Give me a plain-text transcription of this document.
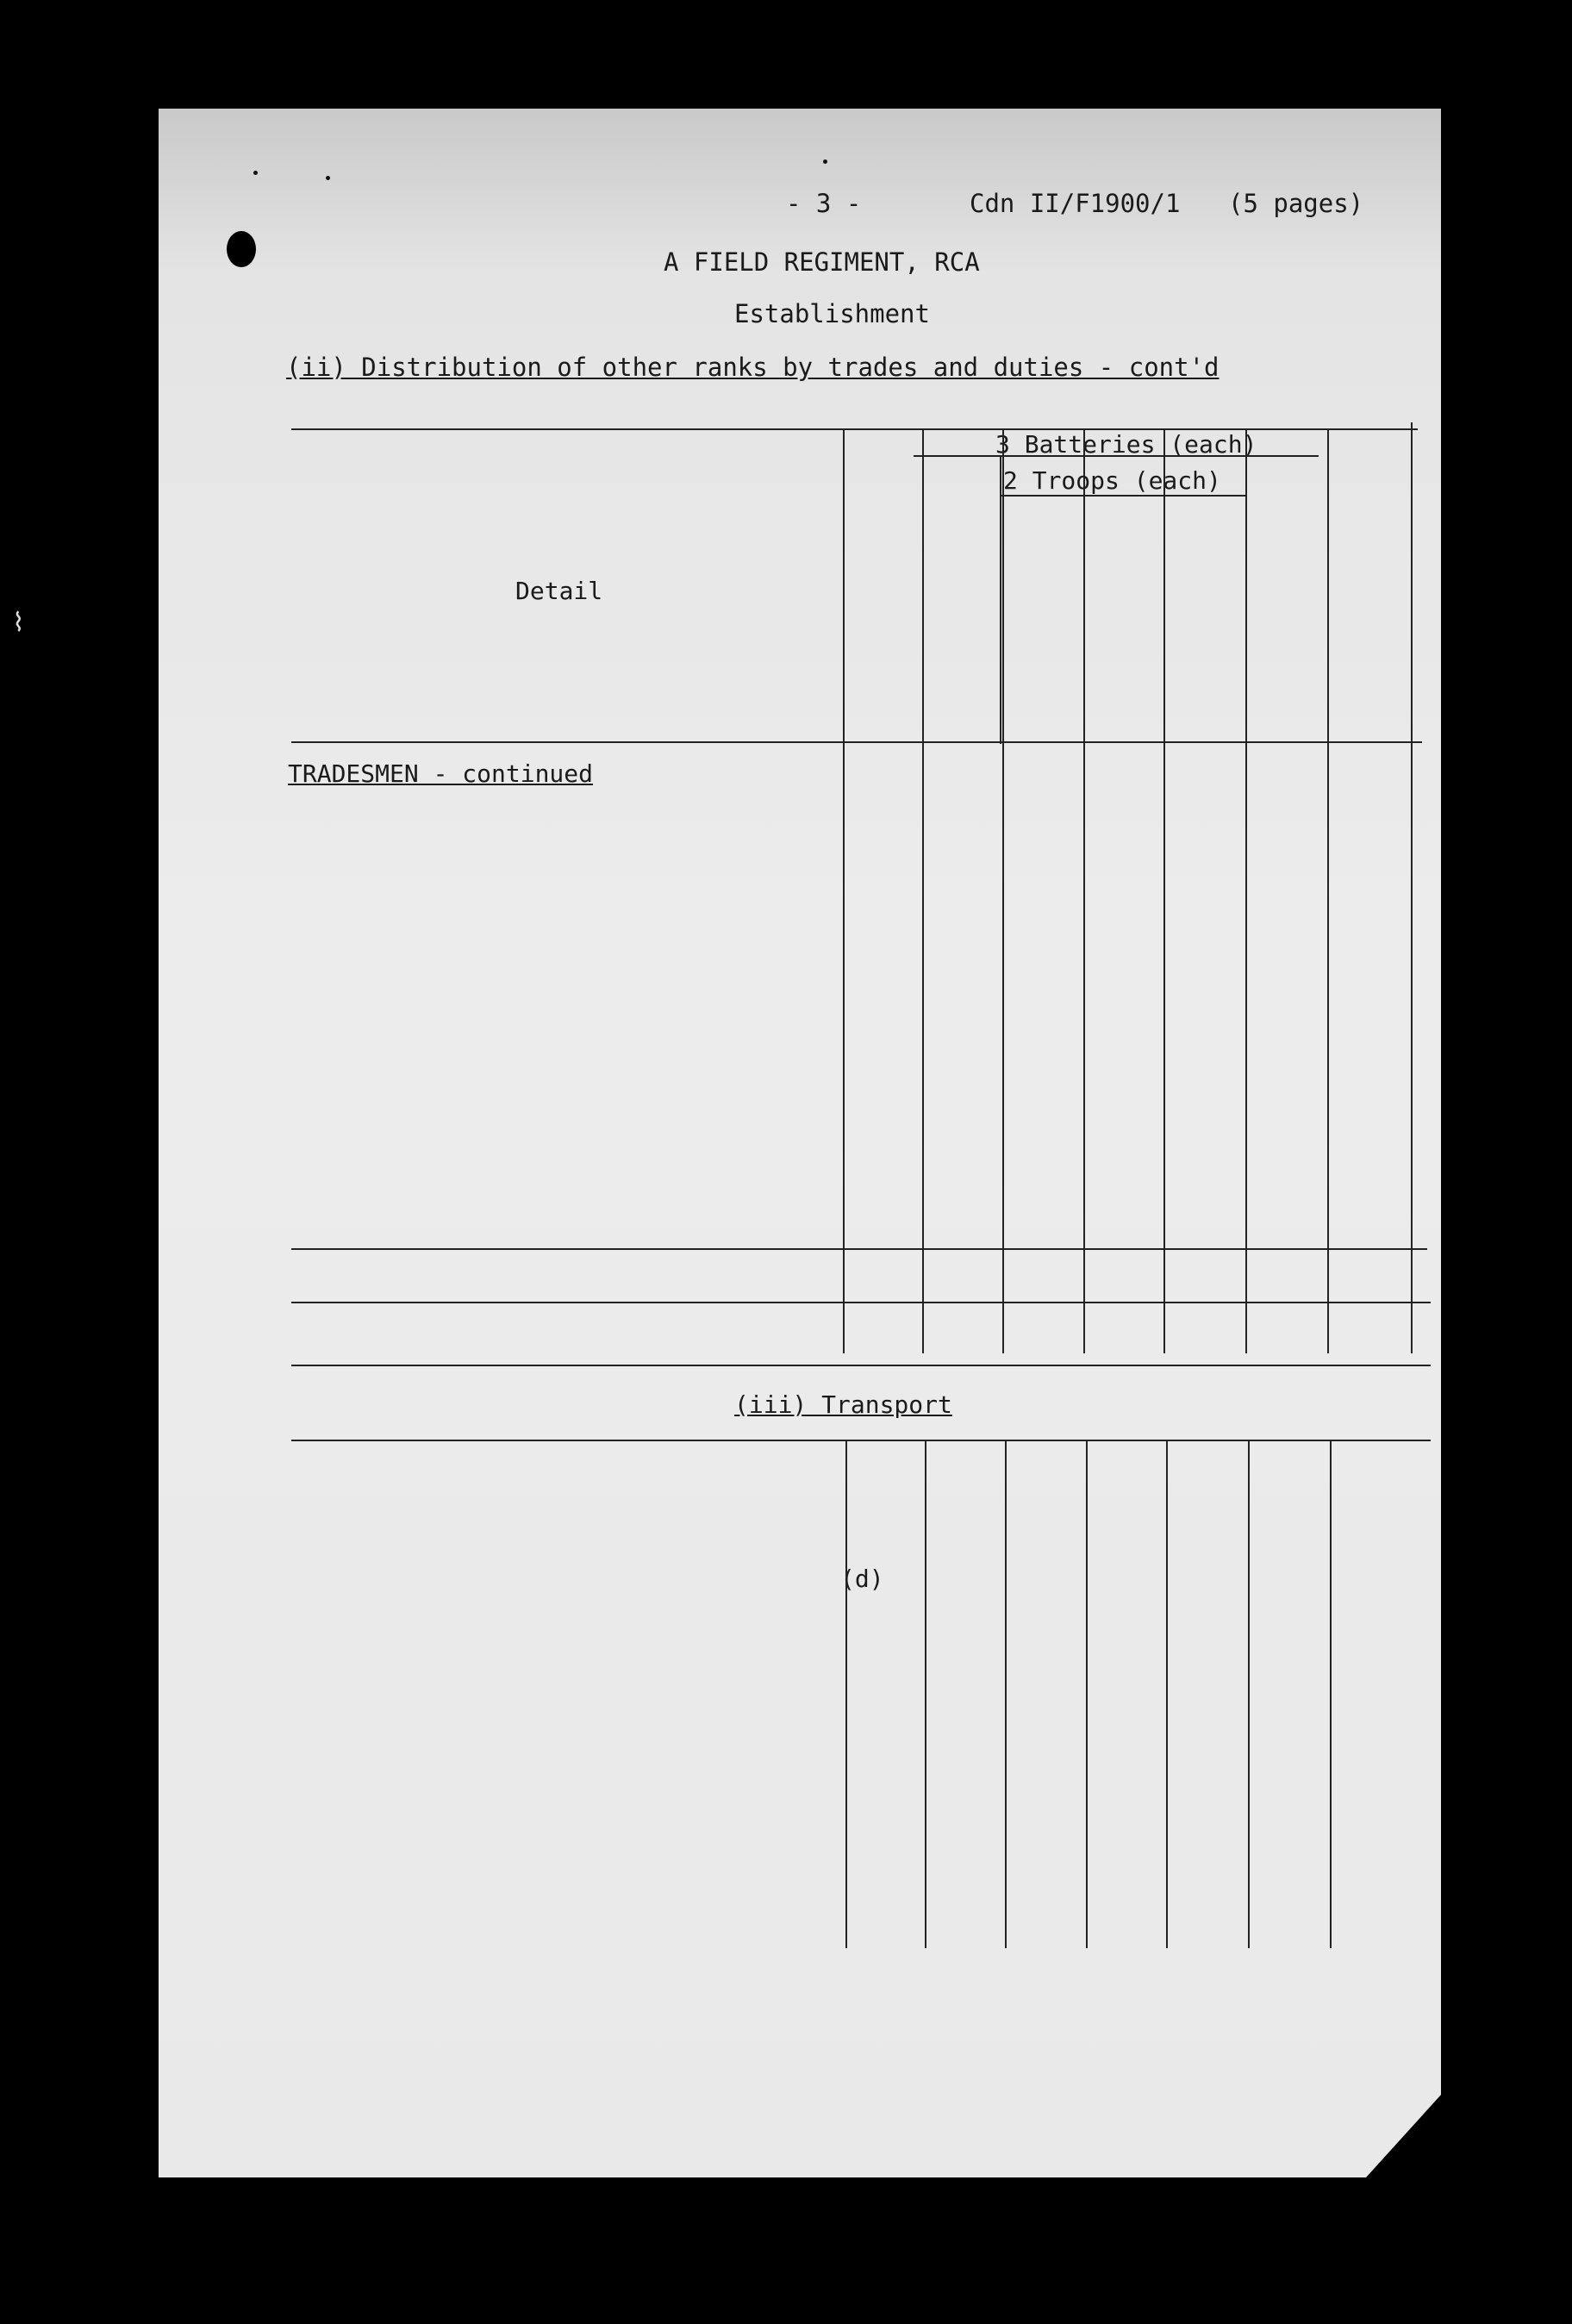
⌇
- 3 -	Cdn II/F1900/1 (5 pages)
A FIELD REGIMENT, RCA
Establishment
(ii) Distribution of other ranks by trades and duties - cont'd
Detail
3 Batteries (each)
2 Troops (each)
TRADESMEN - continued
(iii) Transport
(d)
